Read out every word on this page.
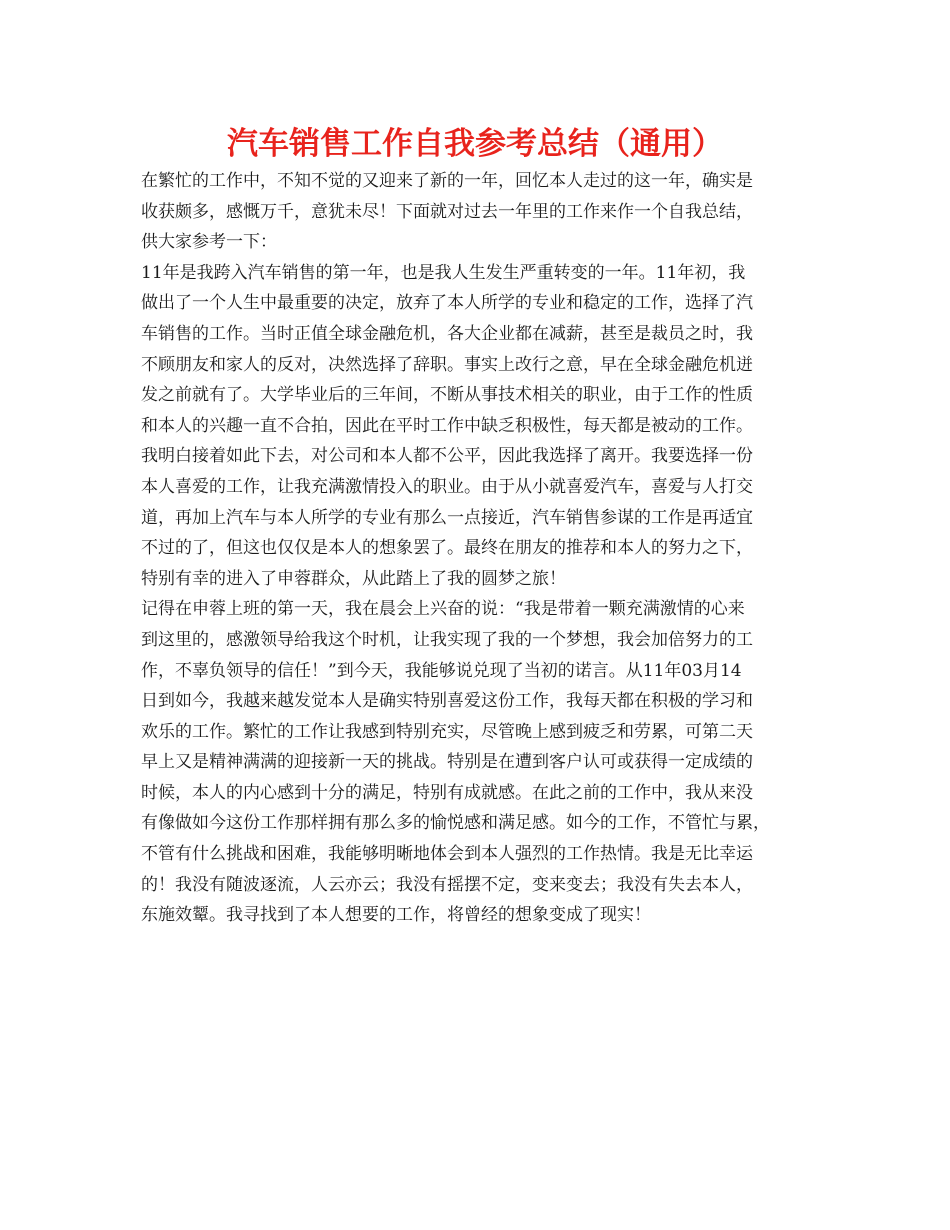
汽车销售工作自我参考总结（通用）
在繁忙的工作中，不知不觉的又迎来了新的一年，回忆本人走过的这一年，确实是
收获颇多，感慨万千，意犹未尽！下面就对过去一年里的工作来作一个自我总结，
供大家参考一下：
11年是我跨入汽车销售的第一年，也是我人生发生严重转变的一年。11年初，我
做出了一个人生中最重要的决定，放弃了本人所学的专业和稳定的工作，选择了汽
车销售的工作。当时正值全球金融危机，各大企业都在减薪，甚至是裁员之时，我
不顾朋友和家人的反对，决然选择了辞职。事实上改行之意，早在全球金融危机迸
发之前就有了。大学毕业后的三年间，不断从事技术相关的职业，由于工作的性质
和本人的兴趣一直不合拍，因此在平时工作中缺乏积极性，每天都是被动的工作。
我明白接着如此下去，对公司和本人都不公平，因此我选择了离开。我要选择一份
本人喜爱的工作，让我充满激情投入的职业。由于从小就喜爱汽车，喜爱与人打交
道，再加上汽车与本人所学的专业有那么一点接近，汽车销售参谋的工作是再适宜
不过的了，但这也仅仅是本人的想象罢了。最终在朋友的推荐和本人的努力之下，
特别有幸的进入了申蓉群众，从此踏上了我的圆梦之旅！
记得在申蓉上班的第一天，我在晨会上兴奋的说：“我是带着一颗充满激情的心来
到这里的，感激领导给我这个时机，让我实现了我的一个梦想，我会加倍努力的工
作，不辜负领导的信任！”到今天，我能够说兑现了当初的诺言。从11年03月14
日到如今，我越来越发觉本人是确实特别喜爱这份工作，我每天都在积极的学习和
欢乐的工作。繁忙的工作让我感到特别充实，尽管晚上感到疲乏和劳累，可第二天
早上又是精神满满的迎接新一天的挑战。特别是在遭到客户认可或获得一定成绩的
时候，本人的内心感到十分的满足，特别有成就感。在此之前的工作中，我从来没
有像做如今这份工作那样拥有那么多的愉悦感和满足感。如今的工作，不管忙与累，
不管有什么挑战和困难，我能够明晰地体会到本人强烈的工作热情。我是无比幸运
的！我没有随波逐流，人云亦云；我没有摇摆不定，变来变去；我没有失去本人，
东施效颦。我寻找到了本人想要的工作，将曾经的想象变成了现实！
